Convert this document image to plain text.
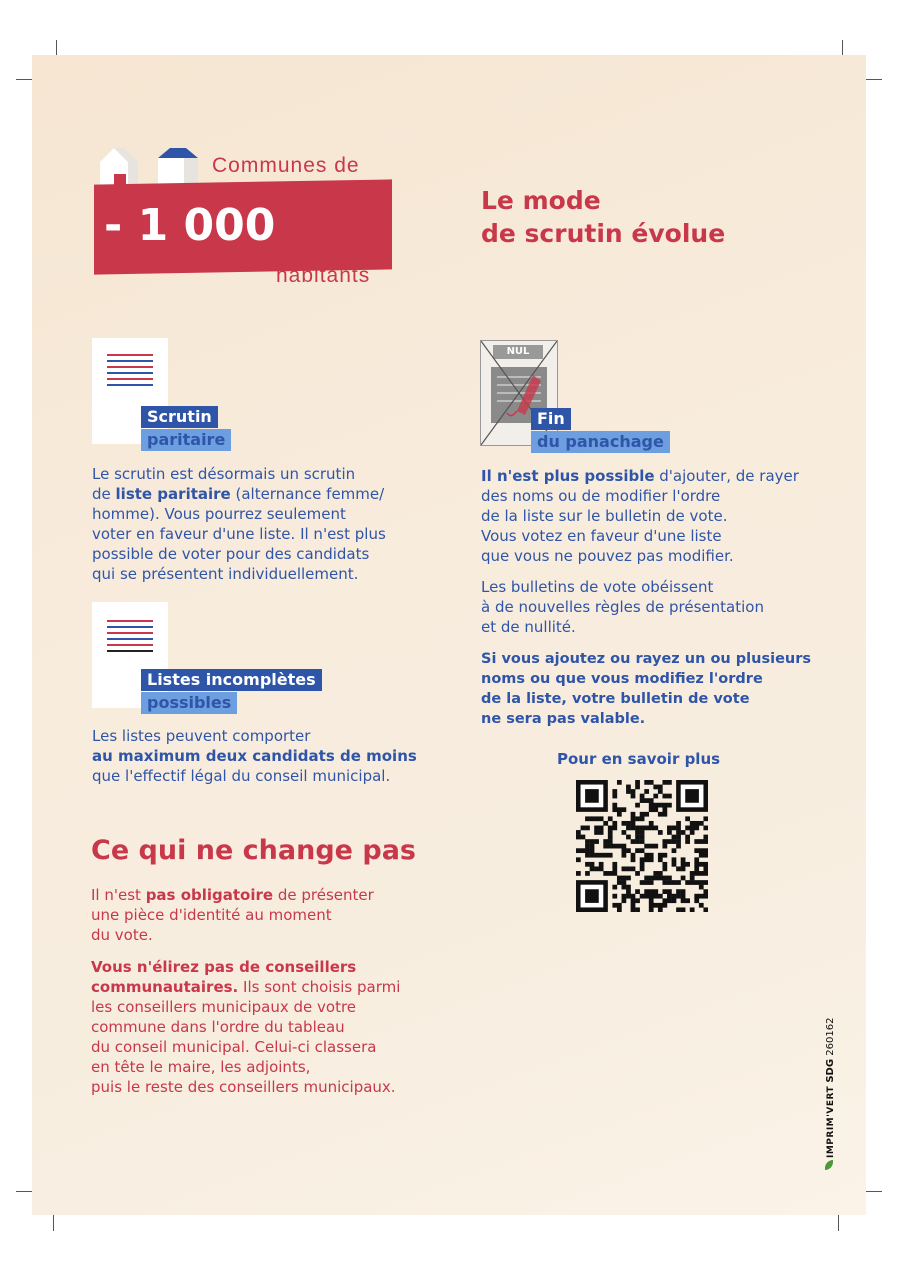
Communes de
- 1 000
habitants
Le mode
de scrutin évolue
Scrutin
paritaire
Le scrutin est désormais un scrutin
de liste paritaire (alternance femme/
homme). Vous pourrez seulement
voter en faveur d'une liste. Il n'est plus
possible de voter pour des candidats
qui se présentent individuellement.
Listes incomplètes
possibles
Les listes peuvent comporter
au maximum deux candidats de moins
que l'effectif légal du conseil municipal.
NUL
Fin
du panachage
Il n'est plus possible d'ajouter, de rayer
des noms ou de modifier l'ordre
de la liste sur le bulletin de vote.
Vous votez en faveur d'une liste
que vous ne pouvez pas modifier.
Les bulletins de vote obéissent
à de nouvelles règles de présentation
et de nullité.
Si vous ajoutez ou rayez un ou plusieurs
noms ou que vous modifiez l'ordre
de la liste, votre bulletin de vote
ne sera pas valable.
Pour en savoir plus
Ce qui ne change pas
Il n'est pas obligatoire de présenter
une pièce d'identité au moment
du vote.
Vous n'élirez pas de conseillers
communautaires. Ils sont choisis parmi
les conseillers municipaux de votre
commune dans l'ordre du tableau
du conseil municipal. Celui-ci classera
en tête le maire, les adjoints,
puis le reste des conseillers municipaux.	IMPRIM'VERT SDG 260162
